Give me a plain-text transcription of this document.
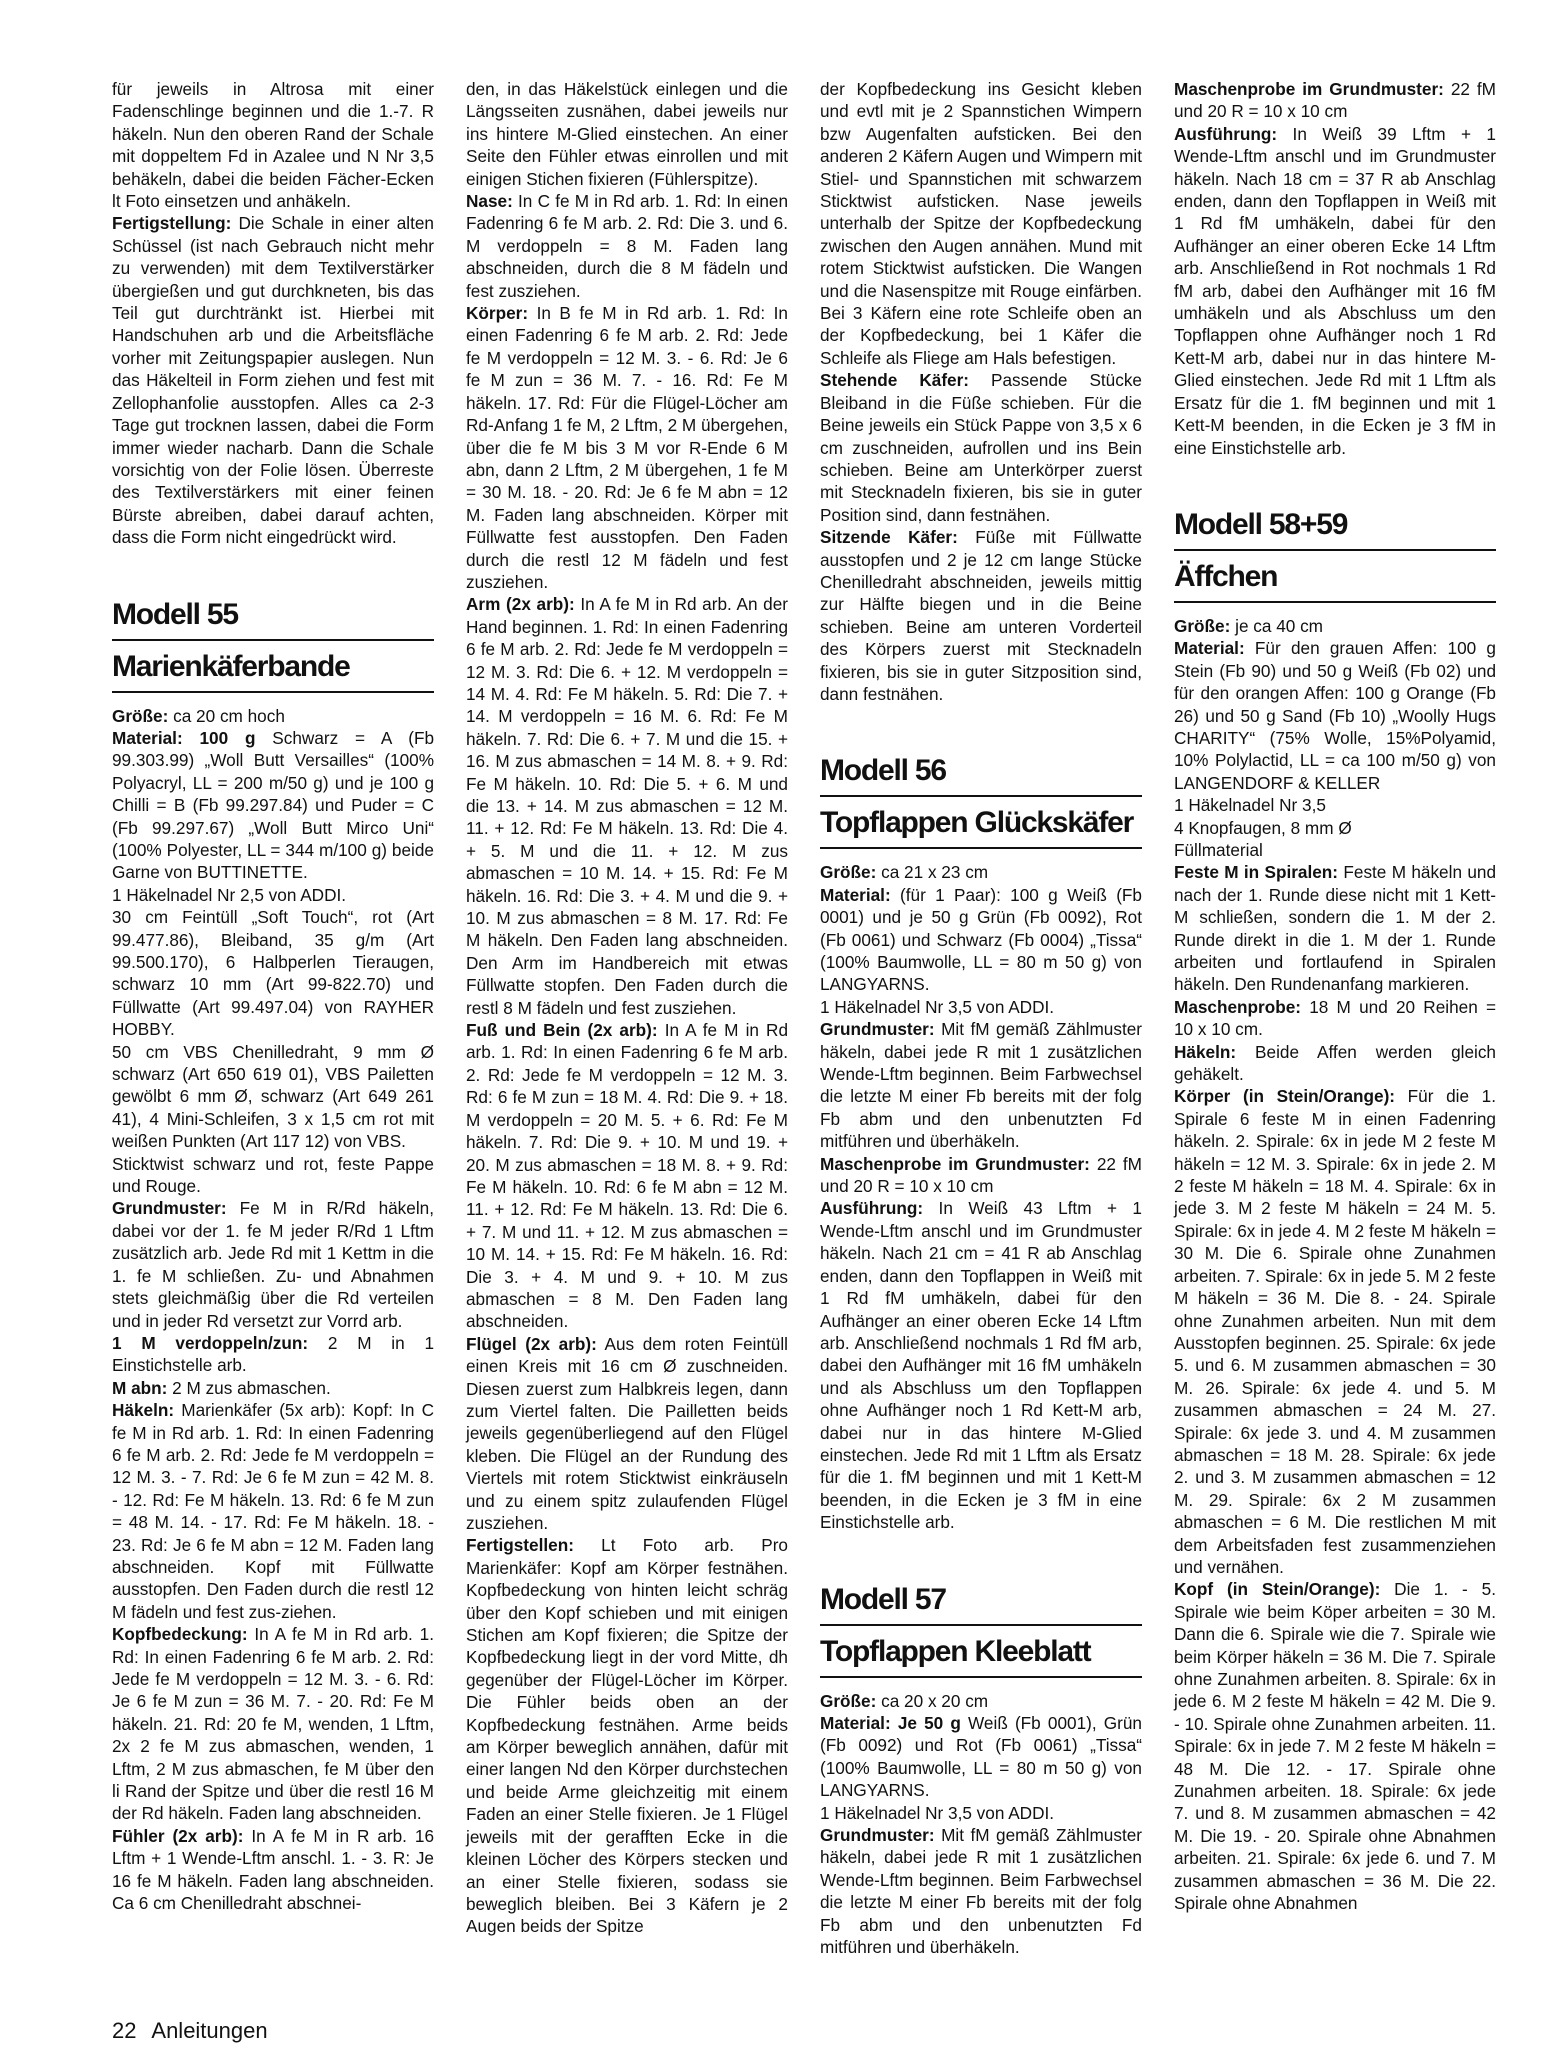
für jeweils in Altrosa mit einer Fadenschlinge beginnen und die 1.-7. R häkeln. Nun den oberen Rand der Schale mit doppeltem Fd in Azalee und N Nr 3,5 behäkeln, dabei die beiden Fächer-Ecken lt Foto einsetzen und anhäkeln.

Fertigstellung: Die Schale in einer alten Schüssel (ist nach Gebrauch nicht mehr zu verwenden) mit dem Textilverstärker übergießen und gut durchkneten, bis das Teil gut durchtränkt ist. Hierbei mit Handschuhen arb und die Arbeitsfläche vorher mit Zeitungspapier auslegen. Nun das Häkelteil in Form ziehen und fest mit Zellophanfolie ausstopfen. Alles ca 2-3 Tage gut trocknen lassen, dabei die Form immer wieder nacharb. Dann die Schale vorsichtig von der Folie lösen. Überreste des Textilverstärkers mit einer feinen Bürste abreiben, dabei darauf achten, dass die Form nicht eingedrückt wird.

Modell 55
Marienkäferbande

Größe: ca 20 cm hoch

Material: 100 g Schwarz = A (Fb 99.303.99) „Woll Butt Versailles“ (100% Polyacryl, LL = 200 m/50 g) und je 100 g Chilli = B (Fb 99.297.84) und Puder = C (Fb 99.297.67) „Woll Butt Mirco Uni“ (100% Polyester, LL = 344 m/100 g) beide Garne von BUTTINETTE.

1 Häkelnadel Nr 2,5 von ADDI.

30 cm Feintüll „Soft Touch“, rot (Art 99.477.86), Bleiband, 35 g/m (Art 99.500.170), 6 Halbperlen Tieraugen, schwarz 10 mm (Art 99-822.70) und Füllwatte (Art 99.497.04) von RAYHER HOBBY.

50 cm VBS Chenilledraht, 9 mm Ø schwarz (Art 650 619 01), VBS Pailetten gewölbt 6 mm Ø, schwarz (Art 649 261 41), 4 Mini-Schleifen, 3 x 1,5 cm rot mit weißen Punkten (Art 117 12) von VBS.

Sticktwist schwarz und rot, feste Pappe und Rouge.

Grundmuster: Fe M in R/Rd häkeln, dabei vor der 1. fe M jeder R/Rd 1 Lftm zusätzlich arb. Jede Rd mit 1 Kettm in die 1. fe M schließen. Zu- und Abnahmen stets gleichmäßig über die Rd verteilen und in jeder Rd versetzt zur Vorrd arb.

1 M verdoppeln/zun: 2 M in 1 Einstichstelle arb.

M abn: 2 M zus abmaschen.

Häkeln: Marienkäfer (5x arb): Kopf: In C fe M in Rd arb. 1. Rd: In einen Fadenring 6 fe M arb. 2. Rd: Jede fe M verdoppeln = 12 M. 3. - 7. Rd: Je 6 fe M zun = 42 M. 8. - 12. Rd: Fe M häkeln. 13. Rd: 6 fe M zun = 48 M. 14. - 17. Rd: Fe M häkeln. 18. - 23. Rd: Je 6 fe M abn = 12 M. Faden lang abschneiden. Kopf mit Füllwatte ausstopfen. Den Faden durch die restl 12 M fädeln und fest zus-ziehen.

Kopfbedeckung: In A fe M in Rd arb. 1. Rd: In einen Fadenring 6 fe M arb. 2. Rd: Jede fe M verdoppeln = 12 M. 3. - 6. Rd: Je 6 fe M zun = 36 M. 7. - 20. Rd: Fe M häkeln. 21. Rd: 20 fe M, wenden, 1 Lftm, 2x 2 fe M zus abmaschen, wenden, 1 Lftm, 2 M zus abmaschen, fe M über den li Rand der Spitze und über die restl 16 M der Rd häkeln. Faden lang abschneiden.

Fühler (2x arb): In A fe M in R arb. 16 Lftm + 1 Wende-Lftm anschl. 1. - 3. R: Je 16 fe M häkeln. Faden lang abschneiden. Ca 6 cm Chenilledraht abschnei-

den, in das Häkelstück einlegen und die Längsseiten zusnähen, dabei jeweils nur ins hintere M-Glied einstechen. An einer Seite den Fühler etwas einrollen und mit einigen Stichen fixieren (Fühlerspitze).

Nase: In C fe M in Rd arb. 1. Rd: In einen Fadenring 6 fe M arb. 2. Rd: Die 3. und 6. M verdoppeln = 8 M. Faden lang abschneiden, durch die 8 M fädeln und fest zusziehen.

Körper: In B fe M in Rd arb. 1. Rd: In einen Fadenring 6 fe M arb. 2. Rd: Jede fe M verdoppeln = 12 M. 3. - 6. Rd: Je 6 fe M zun = 36 M. 7. - 16. Rd: Fe M häkeln. 17. Rd: Für die Flügel-Löcher am Rd-Anfang 1 fe M, 2 Lftm, 2 M übergehen, über die fe M bis 3 M vor R-Ende 6 M abn, dann 2 Lftm, 2 M übergehen, 1 fe M = 30 M. 18. - 20. Rd: Je 6 fe M abn = 12 M. Faden lang abschneiden. Körper mit Füllwatte fest ausstopfen. Den Faden durch die restl 12 M fädeln und fest zusziehen.

Arm (2x arb): In A fe M in Rd arb. An der Hand beginnen. 1. Rd: In einen Fadenring 6 fe M arb. 2. Rd: Jede fe M verdoppeln = 12 M. 3. Rd: Die 6. + 12. M verdoppeln = 14 M. 4. Rd: Fe M häkeln. 5. Rd: Die 7. + 14. M verdoppeln = 16 M. 6. Rd: Fe M häkeln. 7. Rd: Die 6. + 7. M und die 15. + 16. M zus abmaschen = 14 M. 8. + 9. Rd: Fe M häkeln. 10. Rd: Die 5. + 6. M und die 13. + 14. M zus abmaschen = 12 M. 11. + 12. Rd: Fe M häkeln. 13. Rd: Die 4. + 5. M und die 11. + 12. M zus abmaschen = 10 M. 14. + 15. Rd: Fe M häkeln. 16. Rd: Die 3. + 4. M und die 9. + 10. M zus abmaschen = 8 M. 17. Rd: Fe M häkeln. Den Faden lang abschneiden. Den Arm im Handbereich mit etwas Füllwatte stopfen. Den Faden durch die restl 8 M fädeln und fest zusziehen.

Fuß und Bein (2x arb): In A fe M in Rd arb. 1. Rd: In einen Fadenring 6 fe M arb. 2. Rd: Jede fe M verdoppeln = 12 M. 3. Rd: 6 fe M zun = 18 M. 4. Rd: Die 9. + 18. M verdoppeln = 20 M. 5. + 6. Rd: Fe M häkeln. 7. Rd: Die 9. + 10. M und 19. + 20. M zus abmaschen = 18 M. 8. + 9. Rd: Fe M häkeln. 10. Rd: 6 fe M abn = 12 M. 11. + 12. Rd: Fe M häkeln. 13. Rd: Die 6. + 7. M und 11. + 12. M zus abmaschen = 10 M. 14. + 15. Rd: Fe M häkeln. 16. Rd: Die 3. + 4. M und 9. + 10. M zus abmaschen = 8 M. Den Faden lang abschneiden.

Flügel (2x arb): Aus dem roten Feintüll einen Kreis mit 16 cm Ø zuschneiden. Diesen zuerst zum Halbkreis legen, dann zum Viertel falten. Die Pailletten beids jeweils gegenüberliegend auf den Flügel kleben. Die Flügel an der Rundung des Viertels mit rotem Sticktwist einkräuseln und zu einem spitz zulaufenden Flügel zusziehen.

Fertigstellen: Lt Foto arb. Pro Marienkäfer: Kopf am Körper festnähen. Kopfbedeckung von hinten leicht schräg über den Kopf schieben und mit einigen Stichen am Kopf fixieren; die Spitze der Kopfbedeckung liegt in der vord Mitte, dh gegenüber der Flügel-Löcher im Körper. Die Fühler beids oben an der Kopfbedeckung festnähen. Arme beids am Körper beweglich annähen, dafür mit einer langen Nd den Körper durchstechen und beide Arme gleichzeitig mit einem Faden an einer Stelle fixieren. Je 1 Flügel jeweils mit der gerafften Ecke in die kleinen Löcher des Körpers stecken und an einer Stelle fixieren, sodass sie beweglich bleiben. Bei 3 Käfern je 2 Augen beids der Spitze

der Kopfbedeckung ins Gesicht kleben und evtl mit je 2 Spannstichen Wimpern bzw Augenfalten aufsticken. Bei den anderen 2 Käfern Augen und Wimpern mit Stiel- und Spannstichen mit schwarzem Sticktwist aufsticken. Nase jeweils unterhalb der Spitze der Kopfbedeckung zwischen den Augen annähen. Mund mit rotem Sticktwist aufsticken. Die Wangen und die Nasenspitze mit Rouge einfärben. Bei 3 Käfern eine rote Schleife oben an der Kopfbedeckung, bei 1 Käfer die Schleife als Fliege am Hals befestigen.

Stehende Käfer: Passende Stücke Bleiband in die Füße schieben. Für die Beine jeweils ein Stück Pappe von 3,5 x 6 cm zuschneiden, aufrollen und ins Bein schieben. Beine am Unterkörper zuerst mit Stecknadeln fixieren, bis sie in guter Position sind, dann festnähen.

Sitzende Käfer: Füße mit Füllwatte ausstopfen und 2 je 12 cm lange Stücke Chenilledraht abschneiden, jeweils mittig zur Hälfte biegen und in die Beine schieben. Beine am unteren Vorderteil des Körpers zuerst mit Stecknadeln fixieren, bis sie in guter Sitzposition sind, dann festnähen.

Modell 56
Topflappen Glückskäfer

Größe: ca 21 x 23 cm

Material: (für 1 Paar): 100 g Weiß (Fb 0001) und je 50 g Grün (Fb 0092), Rot (Fb 0061) und Schwarz (Fb 0004) „Tissa“ (100% Baumwolle, LL = 80 m 50 g) von LANGYARNS.

1 Häkelnadel Nr 3,5 von ADDI.

Grundmuster: Mit fM gemäß Zählmuster häkeln, dabei jede R mit 1 zusätzlichen Wende-Lftm beginnen. Beim Farbwechsel die letzte M einer Fb bereits mit der folg Fb abm und den unbenutzten Fd mitführen und überhäkeln.

Maschenprobe im Grundmuster: 22 fM und 20 R = 10 x 10 cm

Ausführung: In Weiß 43 Lftm + 1 Wende-Lftm anschl und im Grundmuster häkeln. Nach 21 cm = 41 R ab Anschlag enden, dann den Topflappen in Weiß mit 1 Rd fM umhäkeln, dabei für den Aufhänger an einer oberen Ecke 14 Lftm arb. Anschließend nochmals 1 Rd fM arb, dabei den Aufhänger mit 16 fM umhäkeln und als Abschluss um den Topflappen ohne Aufhänger noch 1 Rd Kett-M arb, dabei nur in das hintere M-Glied einstechen. Jede Rd mit 1 Lftm als Ersatz für die 1. fM beginnen und mit 1 Kett-M beenden, in die Ecken je 3 fM in eine Einstichstelle arb.

Modell 57
Topflappen Kleeblatt

Größe: ca 20 x 20 cm

Material: Je 50 g Weiß (Fb 0001), Grün (Fb 0092) und Rot (Fb 0061) „Tissa“ (100% Baumwolle, LL = 80 m 50 g) von LANGYARNS.

1 Häkelnadel Nr 3,5 von ADDI.

Grundmuster: Mit fM gemäß Zählmuster häkeln, dabei jede R mit 1 zusätzlichen Wende-Lftm beginnen. Beim Farbwechsel die letzte M einer Fb bereits mit der folg Fb abm und den unbenutzten Fd mitführen und überhäkeln.

Maschenprobe im Grundmuster: 22 fM und 20 R = 10 x 10 cm

Ausführung: In Weiß 39 Lftm + 1 Wende-Lftm anschl und im Grundmuster häkeln. Nach 18 cm = 37 R ab Anschlag enden, dann den Topflappen in Weiß mit 1 Rd fM umhäkeln, dabei für den Aufhänger an einer oberen Ecke 14 Lftm arb. Anschließend in Rot nochmals 1 Rd fM arb, dabei den Aufhänger mit 16 fM umhäkeln und als Abschluss um den Topflappen ohne Aufhänger noch 1 Rd Kett-M arb, dabei nur in das hintere M-Glied einstechen. Jede Rd mit 1 Lftm als Ersatz für die 1. fM beginnen und mit 1 Kett-M beenden, in die Ecken je 3 fM in eine Einstichstelle arb.

Modell 58+59
Äffchen

Größe: je ca 40 cm

Material: Für den grauen Affen: 100 g Stein (Fb 90) und 50 g Weiß (Fb 02) und für den orangen Affen: 100 g Orange (Fb 26) und 50 g Sand (Fb 10) „Woolly Hugs CHARITY“ (75% Wolle, 15%Polyamid, 10% Polylactid, LL = ca 100 m/50 g) von LANGENDORF & KELLER

1 Häkelnadel Nr 3,5

4 Knopfaugen, 8 mm Ø

Füllmaterial

Feste M in Spiralen: Feste M häkeln und nach der 1. Runde diese nicht mit 1 Kett-M schließen, sondern die 1. M der 2. Runde direkt in die 1. M der 1. Runde arbeiten und fortlaufend in Spiralen häkeln. Den Rundenanfang markieren.

Maschenprobe: 18 M und 20 Reihen = 10 x 10 cm.

Häkeln: Beide Affen werden gleich gehäkelt.

Körper (in Stein/Orange): Für die 1. Spirale 6 feste M in einen Fadenring häkeln. 2. Spirale: 6x in jede M 2 feste M häkeln = 12 M. 3. Spirale: 6x in jede 2. M 2 feste M häkeln = 18 M. 4. Spirale: 6x in jede 3. M 2 feste M häkeln = 24 M. 5. Spirale: 6x in jede 4. M 2 feste M häkeln = 30 M. Die 6. Spirale ohne Zunahmen arbeiten. 7. Spirale: 6x in jede 5. M 2 feste M häkeln = 36 M. Die 8. - 24. Spirale ohne Zunahmen arbeiten. Nun mit dem Ausstopfen beginnen. 25. Spirale: 6x jede 5. und 6. M zusammen abmaschen = 30 M. 26. Spirale: 6x jede 4. und 5. M zusammen abmaschen = 24 M. 27. Spirale: 6x jede 3. und 4. M zusammen abmaschen = 18 M. 28. Spirale: 6x jede 2. und 3. M zusammen abmaschen = 12 M. 29. Spirale: 6x 2 M zusammen abmaschen = 6 M. Die restlichen M mit dem Arbeitsfaden fest zusammenziehen und vernähen.

Kopf (in Stein/Orange): Die 1. - 5. Spirale wie beim Köper arbeiten = 30 M. Dann die 6. Spirale wie die 7. Spirale wie beim Körper häkeln = 36 M. Die 7. Spirale ohne Zunahmen arbeiten. 8. Spirale: 6x in jede 6. M 2 feste M häkeln = 42 M. Die 9. - 10. Spirale ohne Zunahmen arbeiten. 11. Spirale: 6x in jede 7. M 2 feste M häkeln = 48 M. Die 12. - 17. Spirale ohne Zunahmen arbeiten. 18. Spirale: 6x jede 7. und 8. M zusammen abmaschen = 42 M. Die 19. - 20. Spirale ohne Abnahmen arbeiten. 21. Spirale: 6x jede 6. und 7. M zusammen abmaschen = 36 M. Die 22. Spirale ohne Abnahmen

22 Anleitungen
